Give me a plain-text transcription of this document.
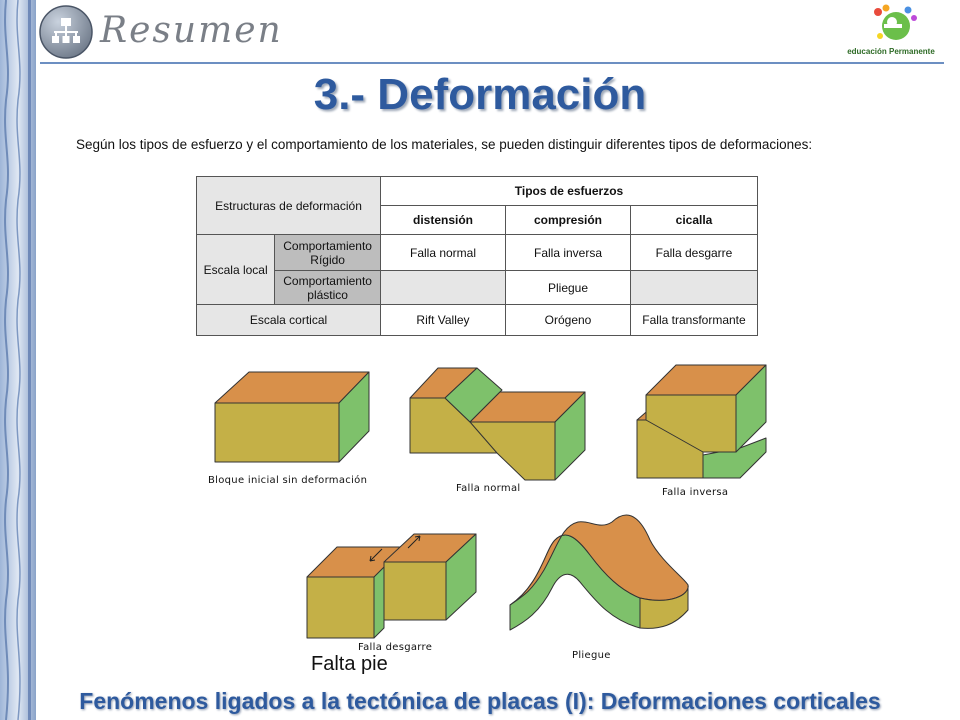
Resumen
educación Permanente
3.- Deformación
Según los tipos de esfuerzo y el comportamiento de los materiales, se pueden distinguir diferentes tipos de deformaciones:
Estructuras de deformación		Tipos de esfuerzos		
		distensión	compresión	cicalla
Escala local	Comportamiento Rígido	Falla normal	Falla inversa	Falla desgarre
	Comportamiento plástico		Pliegue	
Escala cortical		Rift Valley	Orógeno	Falla transformante
Bloque inicial sin deformación
Falla normal	Falla inversa
Falla desgarre
Pliegue
Falta pie
Fenómenos ligados a la tectónica de placas (I): Deformaciones corticales
